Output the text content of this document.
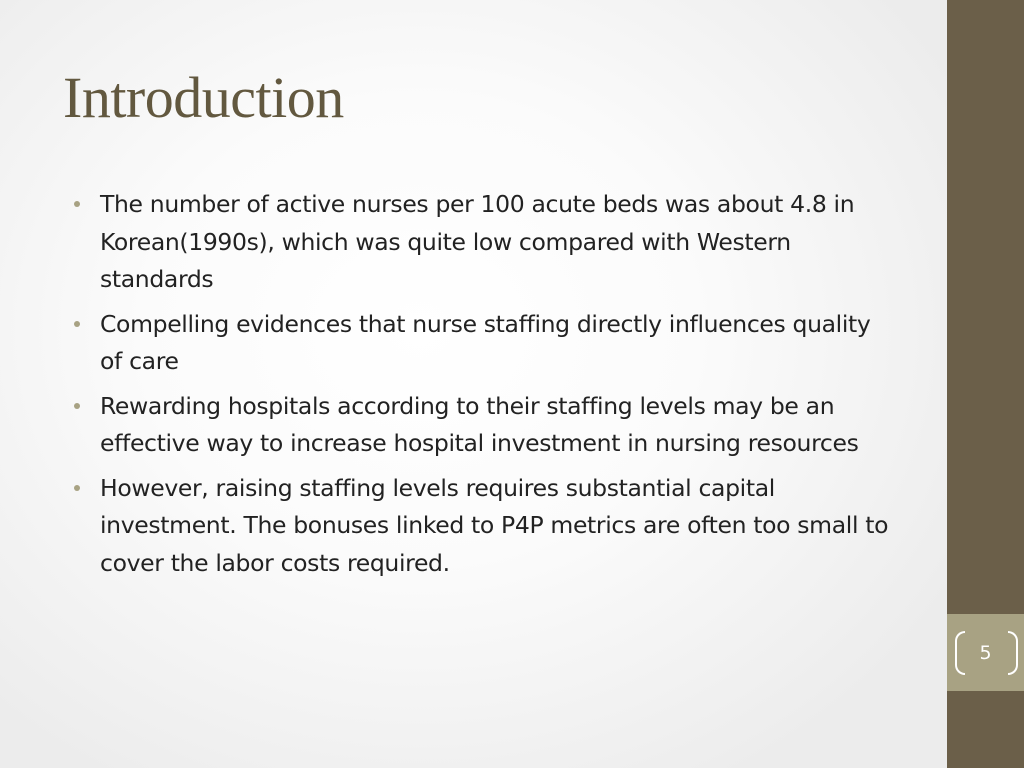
Introduction
The number of active nurses per 100 acute beds was about 4.8 in Korean(1990s), which was quite low compared with Western standards
Compelling evidences that nurse staffing directly influences quality of care
Rewarding hospitals according to their staffing levels may be an effective way to increase hospital investment in nursing resources
However, raising staffing levels requires substantial capital investment. The bonuses linked to P4P metrics are often too small to cover the labor costs required.
5
